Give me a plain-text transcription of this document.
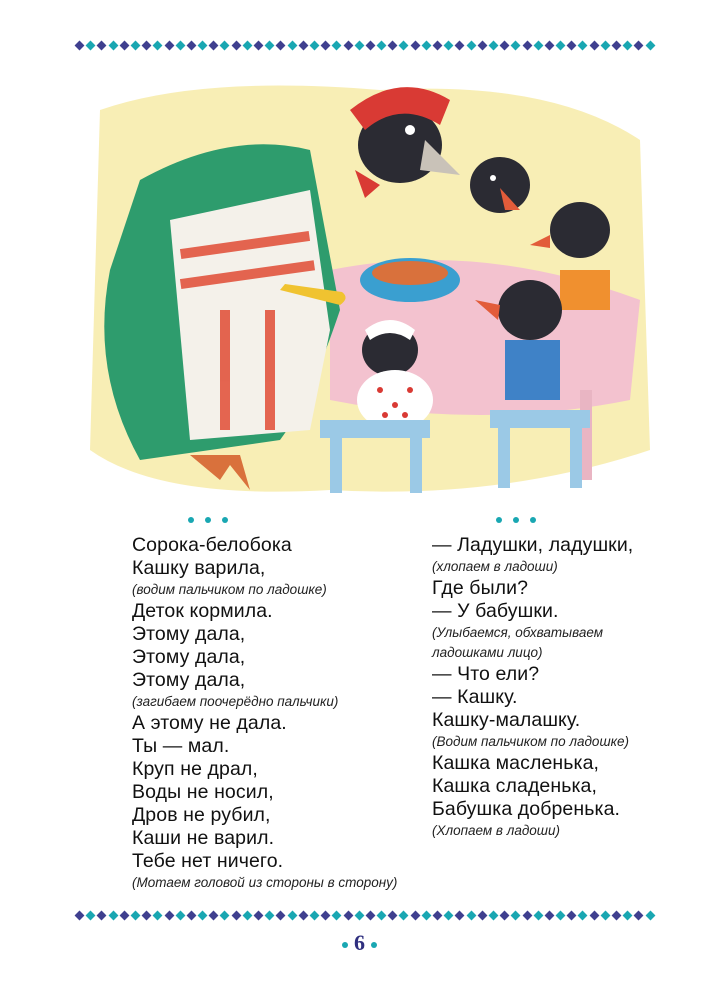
Сорока-белобока
Кашку варила,
(водим пальчиком по ладошке)
Деток кормила.
Этому дала,
Этому дала,
Этому дала,
(загибаем поочерёдно пальчики)
А этому не дала.
Ты — мал.
Круп не драл,
Воды не носил,
Дров не рубил,
Каши не варил.
Тебе нет ничего.
(Мотаем головой из стороны в сторону)
— Ладушки, ладушки,
(хлопаем в ладоши)
Где были?
— У бабушки.
(Улыбаемся, обхватываем
ладошками лицо)
— Что ели?
— Кашку.
Кашку-малашку.
(Водим пальчиком по ладошке)
Кашка масленька,
Кашка сладенька,
Бабушка добренька.
(Хлопаем в ладоши)
6
